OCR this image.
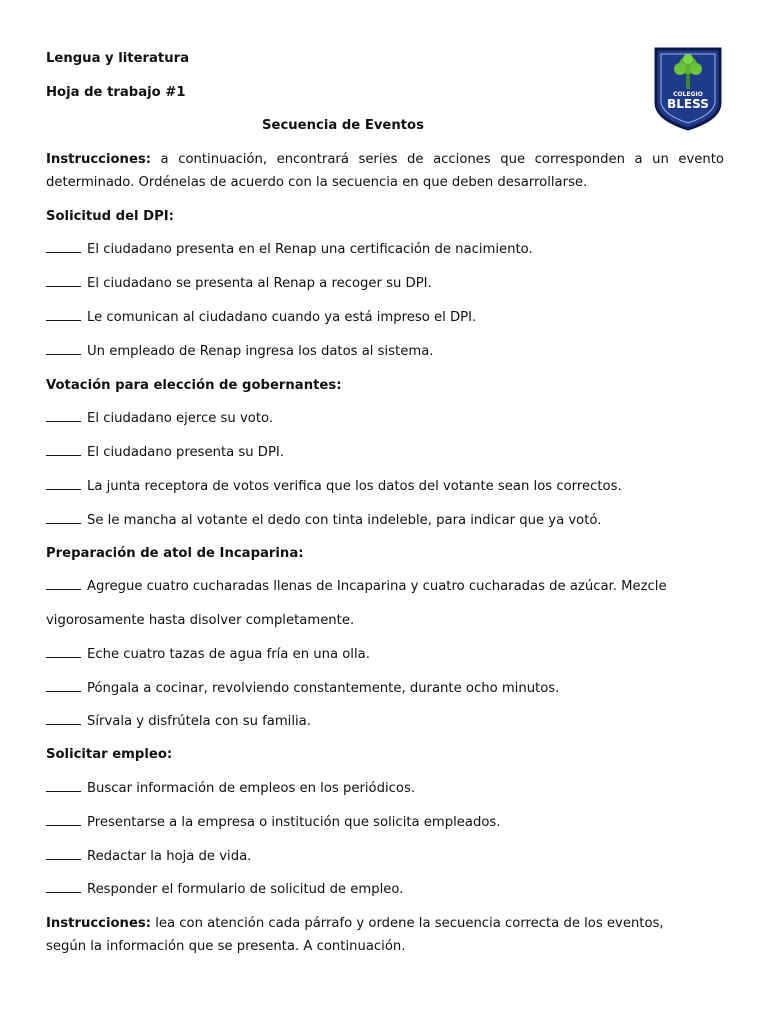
COLEGIO
BLESS
Lengua y literatura
Hoja de trabajo #1
Secuencia de Eventos
Instrucciones: a continuación, encontrará series de acciones que corresponden a un evento determinado. Ordénelas de acuerdo con la secuencia en que deben desarrollarse.
Solicitud del DPI:
El ciudadano presenta en el Renap una certificación de nacimiento.
El ciudadano se presenta al Renap a recoger su DPI.
Le comunican al ciudadano cuando ya está impreso el DPI.
Un empleado de Renap ingresa los datos al sistema.
Votación para elección de gobernantes:
El ciudadano ejerce su voto.
El ciudadano presenta su DPI.
La junta receptora de votos verifica que los datos del votante sean los correctos.
Se le mancha al votante el dedo con tinta indeleble, para indicar que ya votó.
Preparación de atol de Incaparina:
Agregue cuatro cucharadas llenas de Incaparina y cuatro cucharadas de azúcar. Mezcle
vigorosamente hasta disolver completamente.
Eche cuatro tazas de agua fría en una olla.
Póngala a cocinar, revolviendo constantemente, durante ocho minutos.
Sírvala y disfrútela con su familia.
Solicitar empleo:
Buscar información de empleos en los periódicos.
Presentarse a la empresa o institución que solicita empleados.
Redactar la hoja de vida.
Responder el formulario de solicitud de empleo.
Instrucciones: lea con atención cada párrafo y ordene la secuencia correcta de los eventos,
según la información que se presenta. A continuación.
